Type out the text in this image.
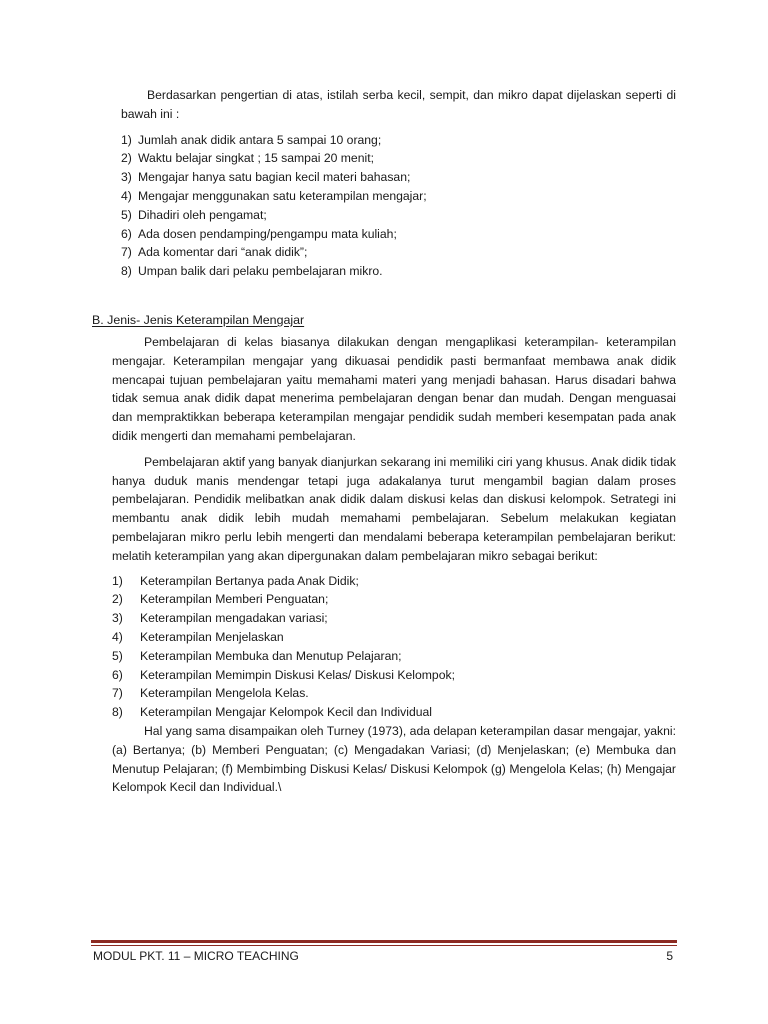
Berdasarkan pengertian di atas, istilah serba kecil, sempit, dan mikro dapat dijelaskan seperti di bawah ini :

1) Jumlah anak didik antara 5 sampai 10 orang;
2) Waktu belajar singkat ; 15 sampai 20 menit;
3) Mengajar hanya satu bagian kecil materi bahasan;
4) Mengajar menggunakan satu keterampilan mengajar;
5) Dihadiri oleh pengamat;
6) Ada dosen pendamping/pengampu mata kuliah;
7) Ada komentar dari “anak didik”;
8) Umpan balik dari pelaku pembelajaran mikro.
B. Jenis- Jenis Keterampilan Mengajar

Pembelajaran di kelas biasanya dilakukan dengan mengaplikasi keterampilan- keterampilan mengajar. Keterampilan mengajar yang dikuasai pendidik pasti bermanfaat membawa anak didik mencapai tujuan pembelajaran yaitu memahami materi yang menjadi bahasan. Harus disadari bahwa tidak semua anak didik dapat menerima pembelajaran dengan benar dan mudah. Dengan menguasai dan mempraktikkan beberapa keterampilan mengajar pendidik sudah memberi kesempatan pada anak didik mengerti dan memahami pembelajaran.

Pembelajaran aktif yang banyak dianjurkan sekarang ini memiliki ciri yang khusus. Anak didik tidak hanya duduk manis mendengar tetapi juga adakalanya turut mengambil bagian dalam proses pembelajaran. Pendidik melibatkan anak didik dalam diskusi kelas dan diskusi kelompok. Setrategi ini membantu anak didik lebih mudah memahami pembelajaran. Sebelum melakukan kegiatan pembelajaran mikro perlu lebih mengerti dan mendalami beberapa keterampilan pembelajaran berikut: melatih keterampilan yang akan dipergunakan dalam pembelajaran mikro sebagai berikut:

1)	Keterampilan Bertanya pada Anak Didik;
2)	Keterampilan Memberi Penguatan;
3)	Keterampilan mengadakan variasi;
4)	Keterampilan Menjelaskan
5)	Keterampilan Membuka dan Menutup Pelajaran;
6)	Keterampilan Memimpin Diskusi Kelas/ Diskusi Kelompok;
7)	Keterampilan Mengelola Kelas.
8)	Keterampilan Mengajar Kelompok Kecil dan Individual

Hal yang sama disampaikan oleh Turney (1973), ada delapan keterampilan dasar mengajar, yakni: (a) Bertanya; (b) Memberi Penguatan; (c) Mengadakan Variasi; (d) Menjelaskan; (e) Membuka dan Menutup Pelajaran; (f) Membimbing Diskusi Kelas/ Diskusi Kelompok (g) Mengelola Kelas; (h) Mengajar Kelompok Kecil dan Individual.\

MODUL PKT. 11 – MICRO TEACHING	5
